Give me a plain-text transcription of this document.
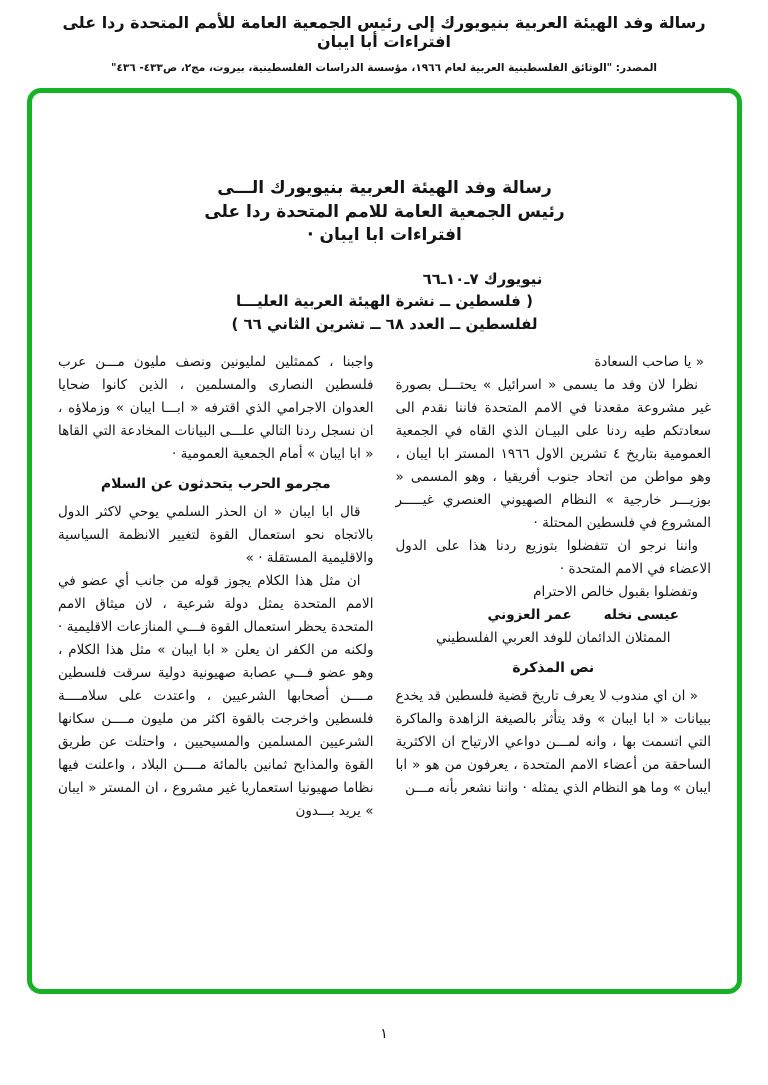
رسالة وفد الهيئة العربية بنيويورك إلى رئيس الجمعية العامة للأمم المتحدة ردا على افتراءات أبا ايبان
المصدر: "الوثائق الفلسطينية العربية لعام ١٩٦٦، مؤسسة الدراسات الفلسطينية، بيروت، مج٢، ص٤٣٣- ٤٣٦"
رسالة وفد الهيئة العربية بنيويورك الـــى
رئيس الجمعية العامة للامم المتحدة ردا على
افتراءات ابا ايبان ·
نيويورك ٧ـ١٠ـ٦٦
( فلسطين ــ نشرة الهيئة العربية العليـــا
لفلسطين ــ العدد ٦٨ ــ تشرين الثاني ٦٦ )

« يا صاحب السعادة

نظرا لان وفد ما يسمى « اسرائيل » يحتـــل بصورة غير مشروعة مقعدنا في الامم المتحدة فاننا نقدم الى سعادتكم طيه ردنا على البيـان الذي القاه في الجمعية العمومية بتاريخ ٤ تشرين الاول ١٩٦٦ المستر ابا ايبان ، وهو مواطن من اتحاد جنوب أفريقيا ، وهو المسمى « بوزيـــر خارجية » النظام الصهيوني العنصري غيـــــر المشروع في فلسطين المحتلة ·

واننا نرجو ان تتفضلوا بتوزيع ردنا هذا على الدول الاعضاء في الامم المتحدة ·

وتفضلوا بقبول خالص الاحترام

عيسى نخله
عمر العزوني

الممثلان الدائمان للوفد العربي الفلسطيني

نص المذكرة

« ان اي مندوب لا يعرف تاريخ قضية فلسطين قد يخدع ببيانات « ابا ايبان » وقد يتأثر بالصيغة الزاهدة والماكرة التي اتسمت بها ، وانه لمـــن دواعي الارتياح ان الاكثرية الساحقة من أعضاء الامم المتحدة ، يعرفون من هو « ابا ايبان » وما هو النظام الذي يمثله · واننا نشعر بأنه مـــن

واجبنا ، كممثلين لمليونين ونصف مليون مـــن عرب فلسطين النصارى والمسلمين ، الذين كانوا ضحايا العدوان الاجرامي الذي اقترفه « ابـــا ايبان » وزملاؤه ، ان نسجل ردنا التالي علـــى البيانات المخادعة التي القاها « ابا ايبان » أمام الجمعية العمومية ·

مجرمو الحرب يتحدثون عن السلام

قال ابا ايبان « ان الحذر السلمي يوحي لاكثر الدول بالاتجاه نحو استعمال القوة لتغيير الانظمة السياسية والاقليمية المستقلة · »

ان مثل هذا الكلام يجوز قوله من جانب أي عضو في الامم المتحدة يمثل دولة شرعية ، لان ميثاق الامم المتحدة يحظر استعمال القوة فـــي المنازعات الاقليمية · ولكنه من الكفر ان يعلن « ابا ايبان » مثل هذا الكلام ، وهو عضو فـــي عصابة صهيونية دولية سرقت فلسطين مــــن أصحابها الشرعيين ، واعتدت على سلامــــة فلسطين واخرجت بالقوة اكثر من مليون مــــن سكانها الشرعيين المسلمين والمسيحيين ، واحتلت عن طريق القوة والمذابح ثمانين بالمائة مــــن البلاد ، واعلنت فيها نظاما صهيونيا استعماريا غير مشروع ، ان المستر « ايبان » يريد بـــدون

١
